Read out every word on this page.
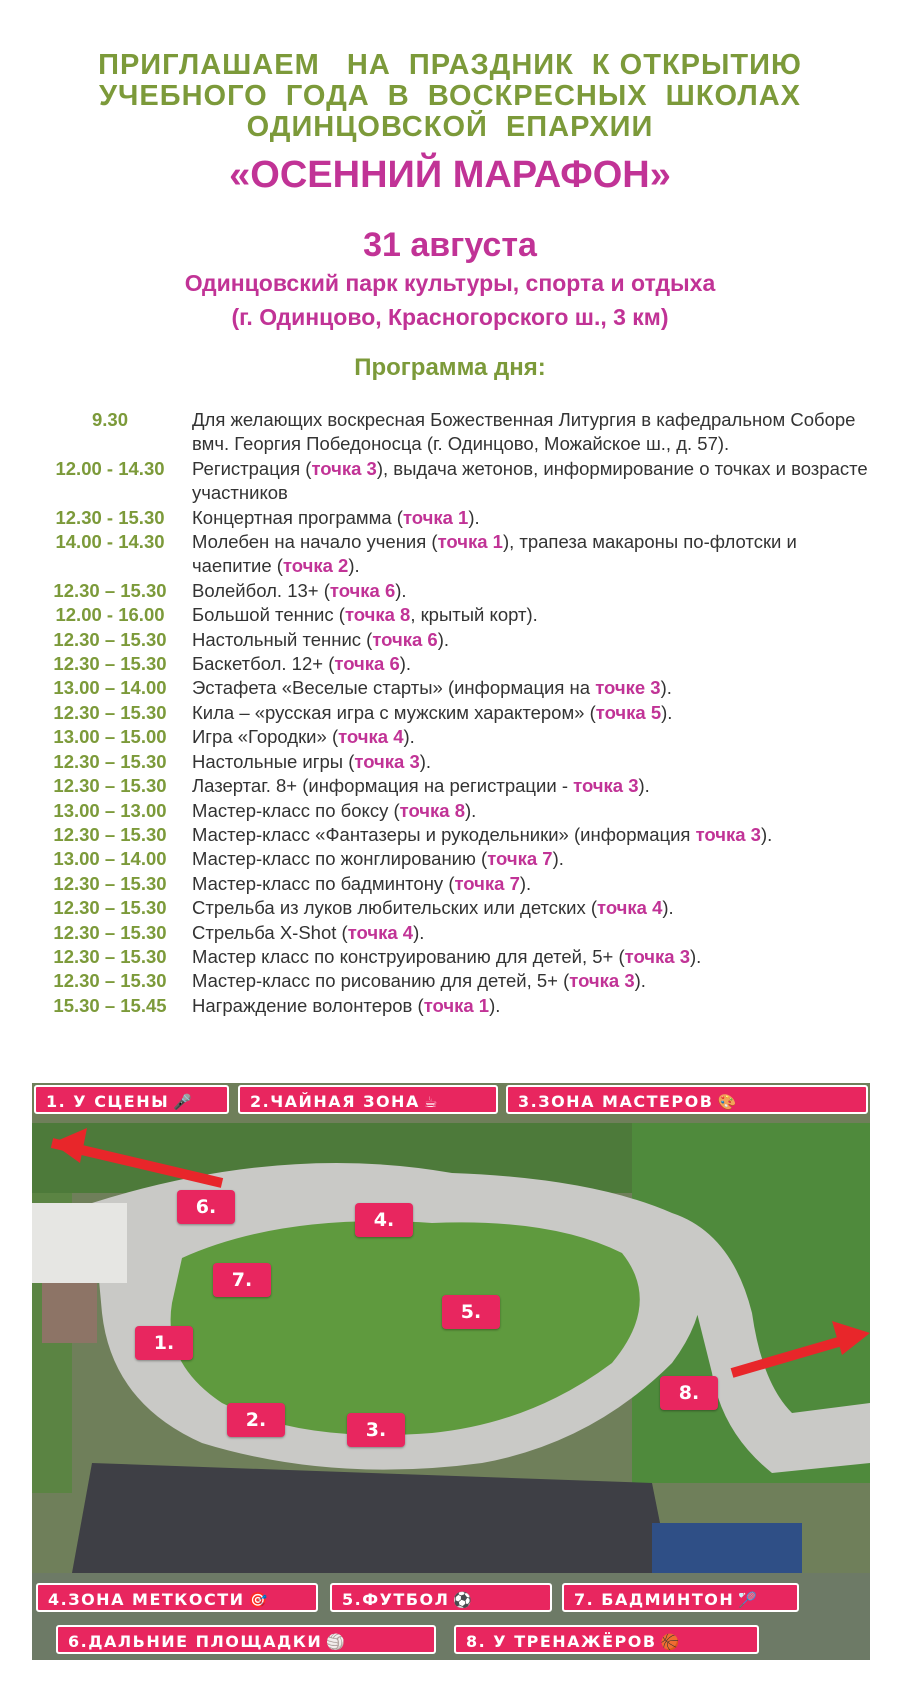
ПРИГЛАШАЕМ   НА  ПРАЗДНИК  К ОТКРЫТИЮ

УЧЕБНОГО  ГОДА  В  ВОСКРЕСНЫХ  ШКОЛАХ

ОДИНЦОВСКОЙ  ЕПАРХИИ

«ОСЕННИЙ МАРАФОН»

31 августа

Одинцовский парк культуры, спорта и отдыха

(г. Одинцово, Красногорского ш., 3 км)

Программа дня:

9.30	Для желающих воскресная Божественная Литургия в кафедральном Соборе вмч. Георгия Победоносца (г. Одинцово, Можайское ш., д. 57).
12.00 - 14.30	Регистрация (точка 3), выдача жетонов, информирование о точках и возрасте участников
12.30 - 15.30	Концертная программа (точка 1).
14.00 - 14.30	Молебен на начало учения (точка 1), трапеза макароны по-флотски и чаепитие (точка 2).
12.30 – 15.30	Волейбол. 13+ (точка 6).
12.00 - 16.00	Большой теннис (точка 8, крытый корт).
12.30 – 15.30	Настольный теннис (точка 6).
12.30 – 15.30	Баскетбол. 12+ (точка 6).
13.00 – 14.00	Эстафета «Веселые старты» (информация на точке 3).
12.30 – 15.30	Кила – «русская игра с мужским характером» (точка 5).
13.00 – 15.00	Игра «Городки» (точка 4).
12.30 – 15.30	Настольные игры (точка 3).
12.30 – 15.30	Лазертаг. 8+ (информация на регистрации - точка 3).
13.00 – 13.00	Мастер-класс по боксу (точка 8).
12.30 – 15.30	Мастер-класс «Фантазеры и рукодельники» (информация точка 3).
13.00 – 14.00	Мастер-класс по жонглированию (точка 7).
12.30 – 15.30	Мастер-класс по бадминтону (точка 7).
12.30 – 15.30	Стрельба из луков любительских или детских (точка 4).
12.30 – 15.30	Стрельба X-Shot (точка 4).
12.30 – 15.30	Мастер класс по конструированию для детей, 5+ (точка 3).
12.30 – 15.30	Мастер-класс по рисованию для детей, 5+ (точка 3).
15.30 – 15.45	Награждение волонтеров (точка 1).
1. У СЦЕНЫ 🎤	2.ЧАЙНАЯ ЗОНА ☕	3.ЗОНА МАСТЕРОВ 🎨
1.
2.	3.
4.
5.
6.
7.
8.
4.ЗОНА МЕТКОСТИ 🎯	5.ФУТБОЛ ⚽	7. БАДМИНТОН 🏸
6.ДАЛЬНИЕ ПЛОЩАДКИ 🏐	8. У ТРЕНАЖЁРОВ 🏀
